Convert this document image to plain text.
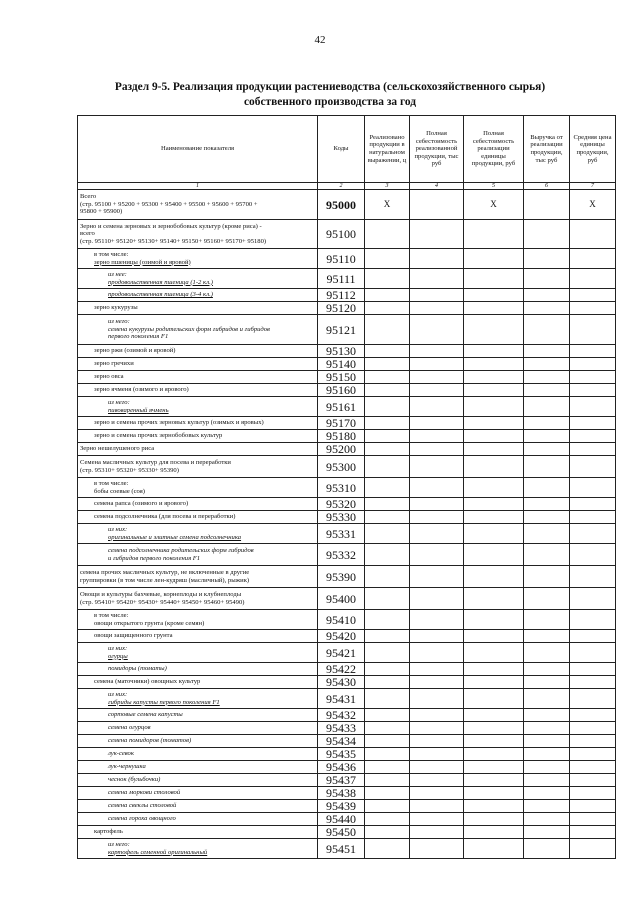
42
Раздел 9-5. Реализация продукции растениеводства (сельскохозяйственного сырья)
собственного производства за год
Наименование показателя	Коды	Реализовано продукции в натуральном выражении, ц	Полная себестоимость реализованной продукции, тыс руб	Полная себестоимость реализации единицы продукции, руб	Выручка от реализации продукции, тыс руб	Средняя цена единицы продукции, руб
1	2	3	4	5	6	7

Всего
(стр. 95100 + 95200 + 95300 + 95400 + 95500 + 95600 + 95700 +
95800 + 95900)	95000	X		X		X

Зерно и семена зерновых и зернобобовых культур (кроме риса) -
всего
(стр. 95110+ 95120+ 95130+ 95140+ 95150+ 95160+ 95170+ 95180)	95100					

в том числе:
зерно пшеницы (озимой и яровой)	95110					

из нее:
продовольственная пшеница (1-2 кл.)	95111					

продовольственная пшеница (3-4 кл.)	95112					

зерно кукурузы	95120					

из него:
семена кукурузы родительских форм гибридов и гибридов
первого поколения F1	95121					

зерно ржи (озимой и яровой)	95130					

зерно гречихи	95140					

зерно овса	95150					

зерно ячменя (озимого и ярового)	95160					

из него:
пивоваренный ячмень	95161					

зерно и семена прочих зерновых культур (озимых и яровых)	95170					

зерно и семена прочих зернобобовых культур	95180					

Зерно нешелушеного риса	95200					

Семена масличных культур для посева и переработки
(стр. 95310+ 95320+ 95330+ 95390)	95300					

в том числе:
бобы соевые (соя)	95310					

семена рапса (озимого и ярового)	95320					

семена подсолнечника (для посева и переработки)	95330					

из них:
оригинальные и элитные семена подсолнечника	95331					

семена подсолнечника родительских форм гибридов
и гибридов первого поколения F1	95332					

семена прочих масличных культур, не включенные в другие
группировки (в том числе лен-кудряш (масличный), рыжик)	95390					

Овощи и культуры бахчевые, корнеплоды и клубнеплоды
(стр. 95410+ 95420+ 95430+ 95440+ 95450+ 95460+ 95490)	95400					

в том числе:
овощи открытого грунта (кроме семян)	95410					

овощи защищенного грунта	95420					

из них:
огурцы	95421					

помидоры (томаты)	95422					

семена (маточники) овощных культур	95430					

из них:
гибриды капусты первого поколения F1	95431					

сортовые семена капусты	95432					

семена огурцов	95433					

семена помидоров (томатов)	95434					

лук-севок	95435					

лук-чернушка	95436					

чеснок (бульбочки)	95437					

семена моркови столовой	95438					

семена свеклы столовой	95439					

семена гороха овощного	95440					

картофель	95450					

из него:
картофель семенной оригинальный	95451					
